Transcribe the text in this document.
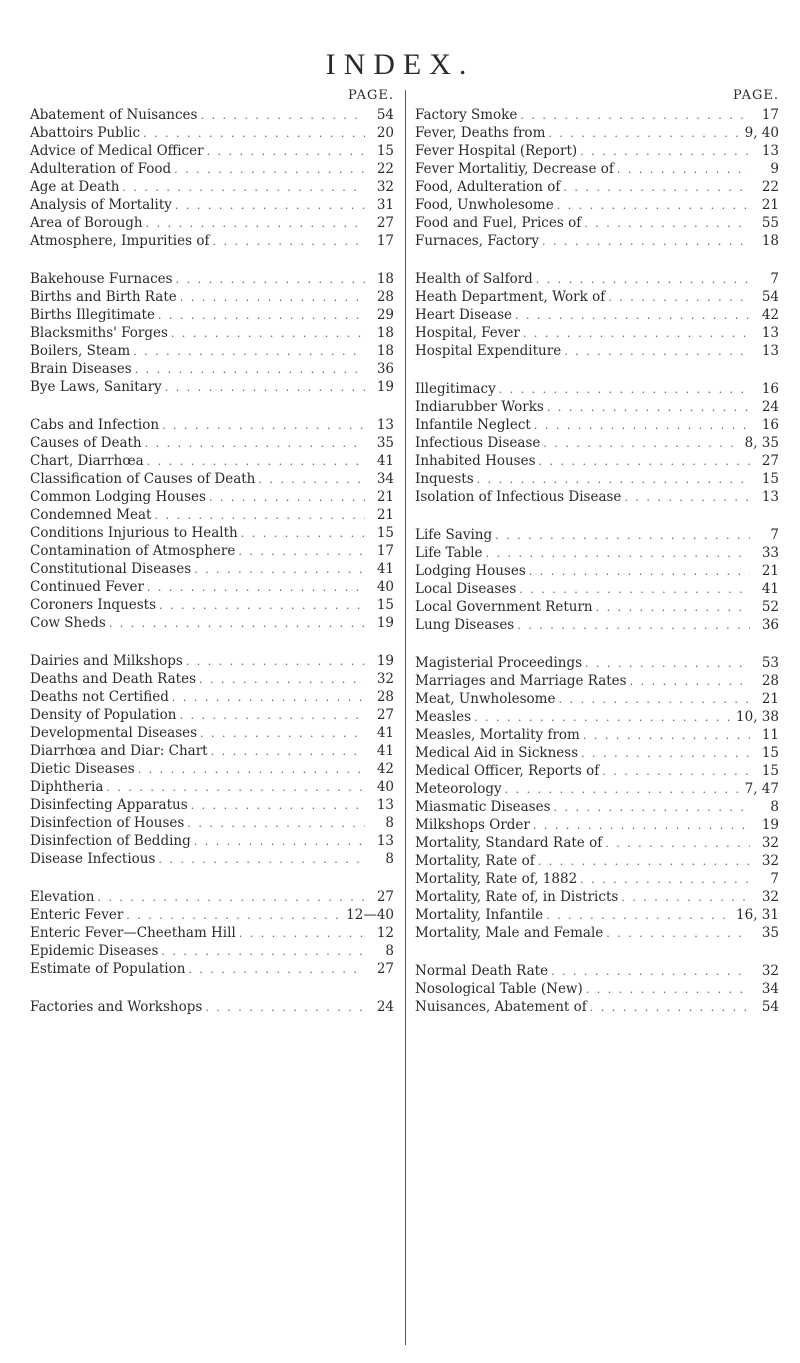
INDEX.
PAGE.
Abatement of Nuisances . . .	54
Abattoirs Public . . .	20
Advice of Medical Officer . . .	15
Adulteration of Food . . .	22
Age at Death . . .	32
Analysis of Mortality . . .	31
Area of Borough . . .	27
Atmosphere, Impurities of . . .	17
Bakehouse Furnaces . . .	18
Births and Birth Rate . . .	28
Births Illegitimate . . .	29
Blacksmiths' Forges . . .	18
Boilers, Steam . . .	18
Brain Diseases . . .	36
Bye Laws, Sanitary . . .	19
Cabs and Infection . . .	13
Causes of Death . . .	35
Chart, Diarrhœa . . .	41
Classification of Causes of Death . . .	34
Common Lodging Houses . . .	21
Condemned Meat . . .	21
Conditions Injurious to Health . . .	15
Contamination of Atmosphere . . .	17
Constitutional Diseases . . .	41
Continued Fever . . .	40
Coroners Inquests . . .	15
Cow Sheds . . .	19
Dairies and Milkshops . . .	19
Deaths and Death Rates . . .	32
Deaths not Certified . . .	28
Density of Population . . .	27
Developmental Diseases . . .	41
Diarrhœa and Diar: Chart . . .	41
Dietic Diseases . . .	42
Diphtheria . . .	40
Disinfecting Apparatus . . .	13
Disinfection of Houses . . .	8
Disinfection of Bedding . . .	13
Disease Infectious . . .	8
Elevation . . .	27
Enteric Fever . . .	12—40
Enteric Fever—Cheetham Hill . . .	12
Epidemic Diseases . . .	8
Estimate of Population . . .	27
Factories and Workshops . . .	24
PAGE.
Factory Smoke . . .	17
Fever, Deaths from . . .	9, 40
Fever Hospital (Report) . . .	13
Fever Mortalitiy, Decrease of . . .	9
Food, Adulteration of . . .	22
Food, Unwholesome . . .	21
Food and Fuel, Prices of . . .	55
Furnaces, Factory . . .	18
Health of Salford . . .	7
Heath Department, Work of . . .	54
Heart Disease . . .	42
Hospital, Fever . . .	13
Hospital Expenditure . . .	13
Illegitimacy . . .	16
Indiarubber Works . . .	24
Infantile Neglect . . .	16
Infectious Disease . . .	8, 35
Inhabited Houses . . .	27
Inquests . . .	15
Isolation of Infectious Disease . . .	13
Life Saving . . .	7
Life Table . . .	33
Lodging Houses . . .	21
Local Diseases . . .	41
Local Government Return . . .	52
Lung Diseases . . .	36
Magisterial Proceedings . . .	53
Marriages and Marriage Rates . . .	28
Meat, Unwholesome . . .	21
Measles . . .	10, 38
Measles, Mortality from . . .	11
Medical Aid in Sickness . . .	15
Medical Officer, Reports of . . .	15
Meteorology . . .	7, 47
Miasmatic Diseases . . .	8
Milkshops Order . . .	19
Mortality, Standard Rate of . . .	32
Mortality, Rate of . . .	32
Mortality, Rate of, 1882 . . .	7
Mortality, Rate of, in Districts . . .	32
Mortality, Infantile . . .	16, 31
Mortality, Male and Female . . .	35
Normal Death Rate . . .	32
Nosological Table (New) . . .	34
Nuisances, Abatement of . . .	54
